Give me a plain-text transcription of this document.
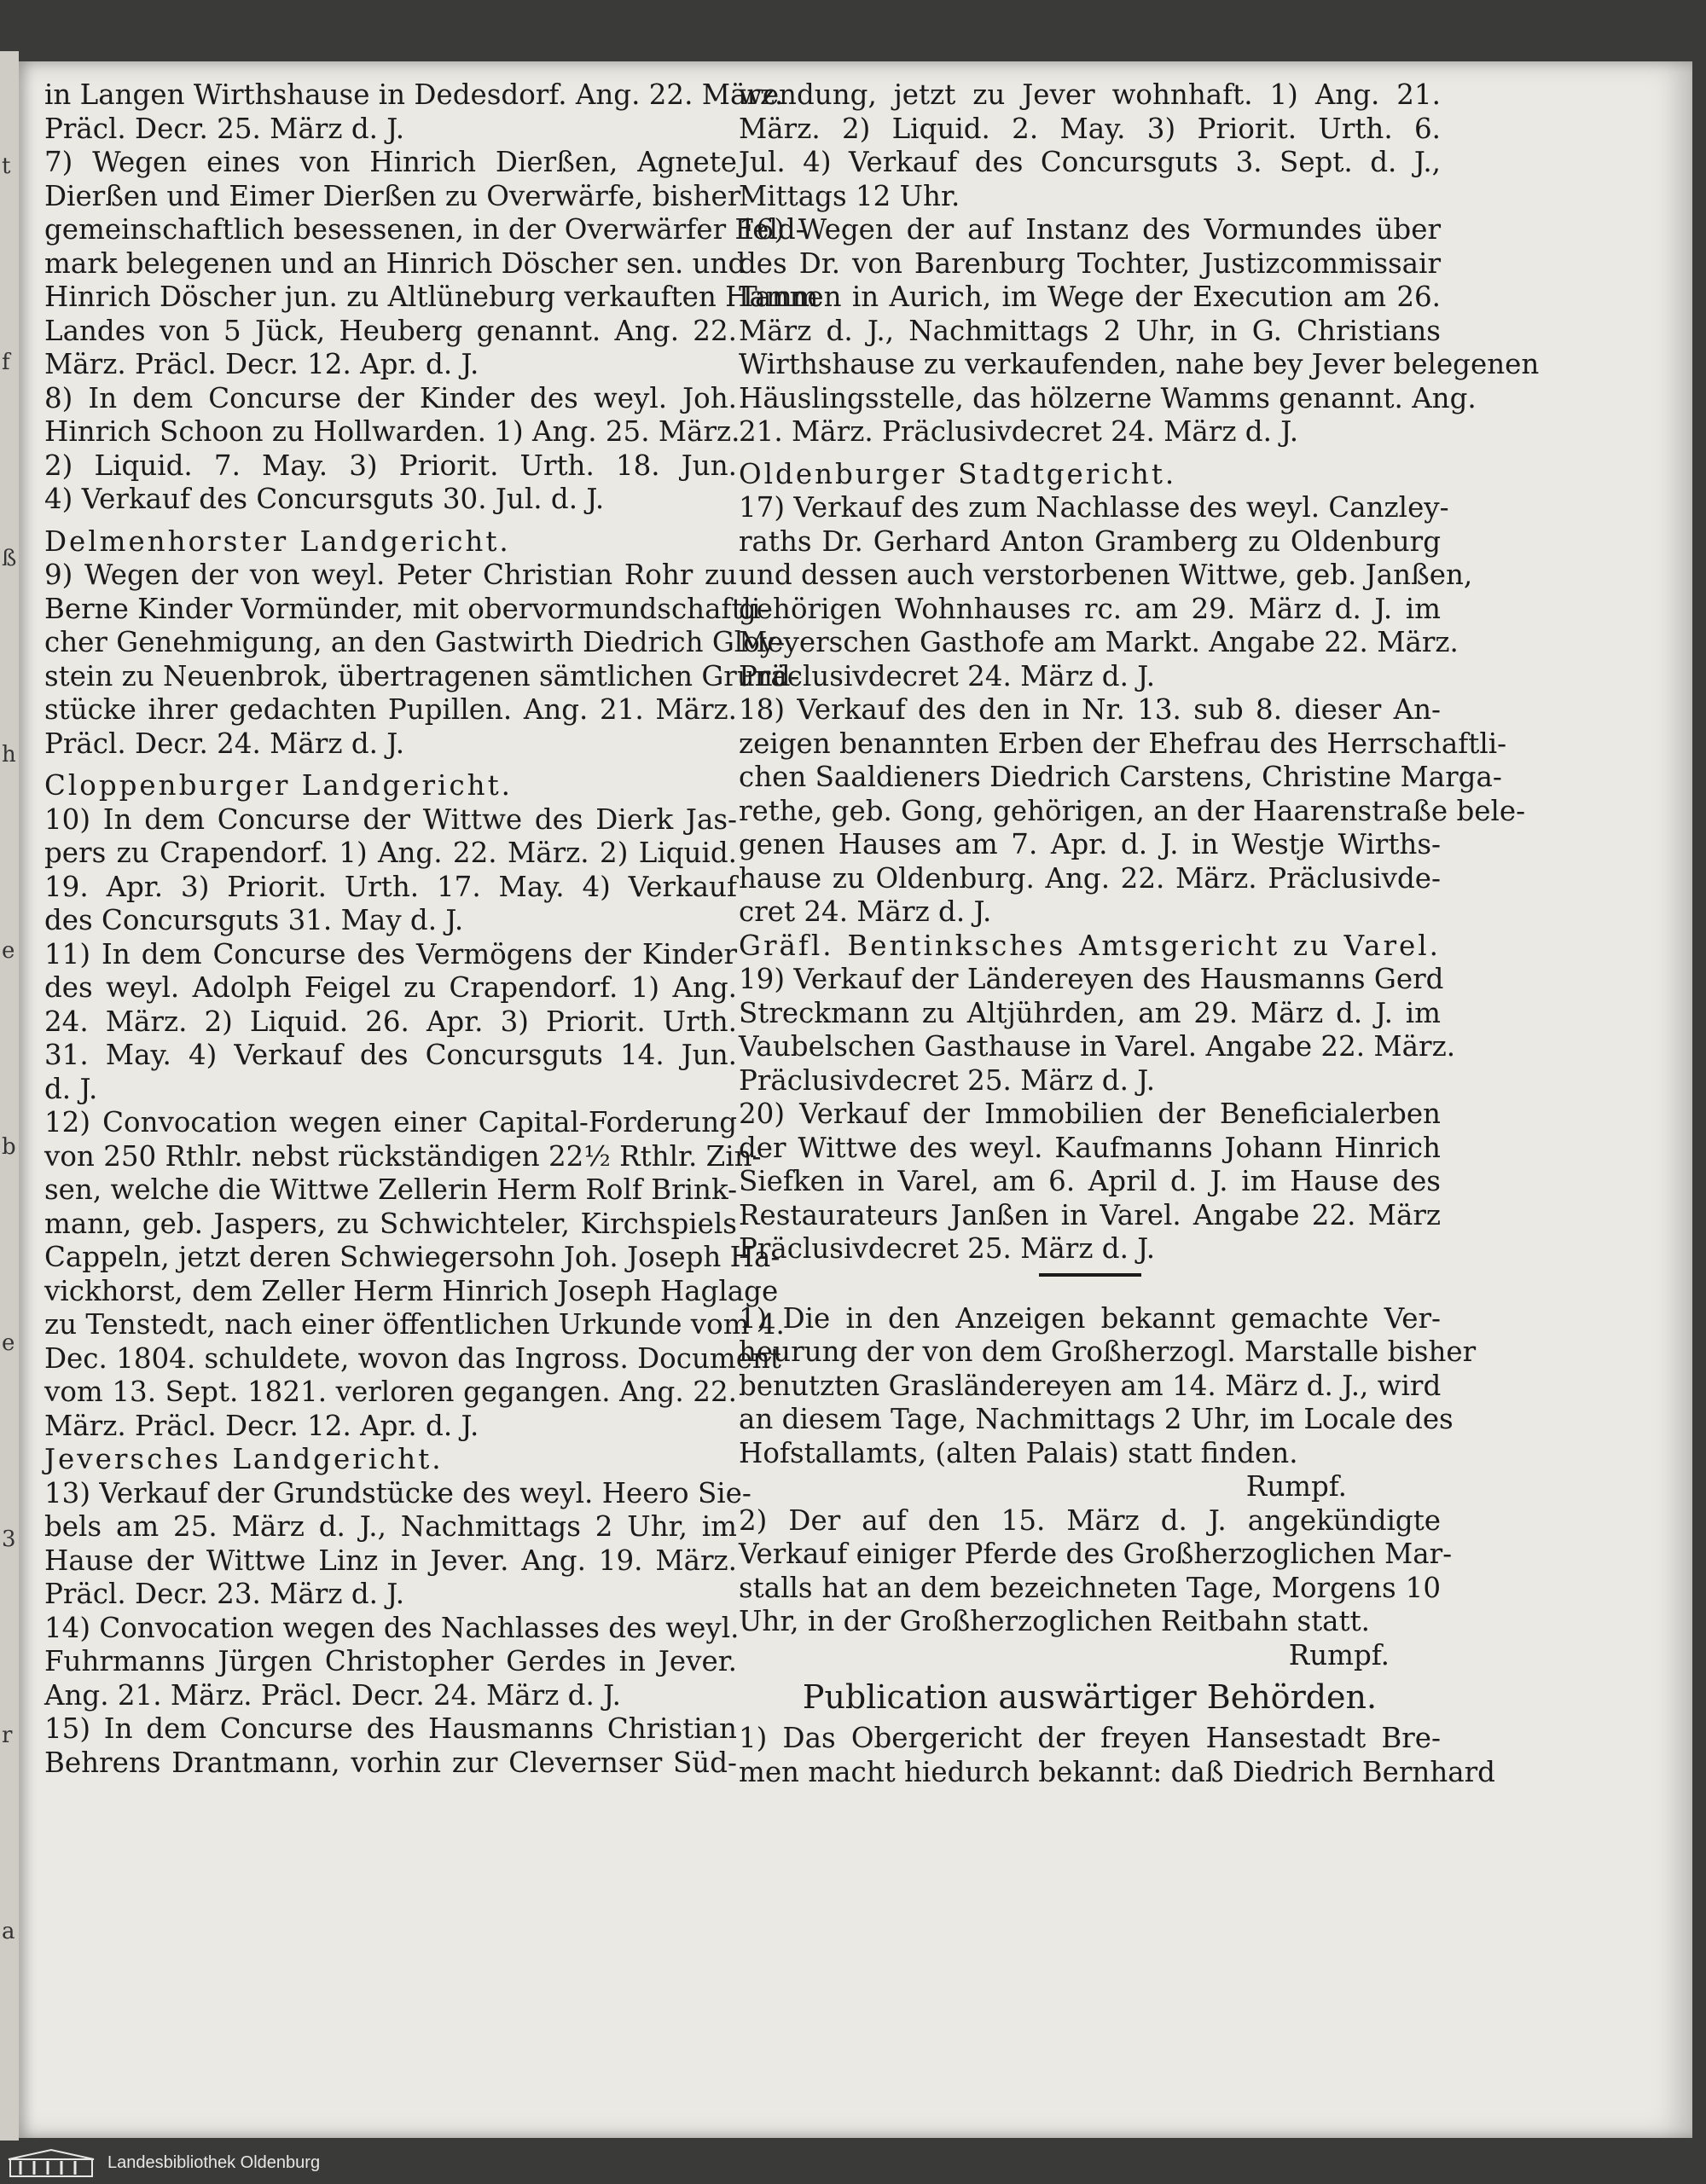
t
f
ß
h
e
b
e
3
r
a
in Langen Wirthshause in Dedesdorf. Ang. 22. März.
Präcl. Decr. 25. März d. J.
7) Wegen eines von Hinrich Dierßen, Agnete
Dierßen und Eimer Dierßen zu Overwärfe, bisher
gemeinschaftlich besessenen, in der Overwärfer Feld-
mark belegenen und an Hinrich Döscher sen. und
Hinrich Döscher jun. zu Altlüneburg verkauften Hamm
Landes von 5 Jück, Heuberg genannt. Ang. 22.
März. Präcl. Decr. 12. Apr. d. J.
8) In dem Concurse der Kinder des weyl. Joh.
Hinrich Schoon zu Hollwarden. 1) Ang. 25. März.
2) Liquid. 7. May. 3) Priorit. Urth. 18. Jun.
4) Verkauf des Concursguts 30. Jul. d. J.
Delmenhorster Landgericht.
9) Wegen der von weyl. Peter Christian Rohr zu
Berne Kinder Vormünder, mit obervormundschaftli-
cher Genehmigung, an den Gastwirth Diedrich Gloy-
stein zu Neuenbrok, übertragenen sämtlichen Grund-
stücke ihrer gedachten Pupillen. Ang. 21. März.
Präcl. Decr. 24. März d. J.
Cloppenburger Landgericht.
10) In dem Concurse der Wittwe des Dierk Jas-
pers zu Crapendorf. 1) Ang. 22. März. 2) Liquid.
19. Apr. 3) Priorit. Urth. 17. May. 4) Verkauf
des Concursguts 31. May d. J.
11) In dem Concurse des Vermögens der Kinder
des weyl. Adolph Feigel zu Crapendorf. 1) Ang.
24. März. 2) Liquid. 26. Apr. 3) Priorit. Urth.
31. May. 4) Verkauf des Concursguts 14. Jun.
d. J.
12) Convocation wegen einer Capital-Forderung
von 250 Rthlr. nebst rückständigen 22½ Rthlr. Zin-
sen, welche die Wittwe Zellerin Herm Rolf Brink-
mann, geb. Jaspers, zu Schwichteler, Kirchspiels
Cappeln, jetzt deren Schwiegersohn Joh. Joseph Ha-
vickhorst, dem Zeller Herm Hinrich Joseph Haglage
zu Tenstedt, nach einer öffentlichen Urkunde vom 4.
Dec. 1804. schuldete, wovon das Ingross. Document
vom 13. Sept. 1821. verloren gegangen. Ang. 22.
März. Präcl. Decr. 12. Apr. d. J.
Jeversches Landgericht.
13) Verkauf der Grundstücke des weyl. Heero Sie-
bels am 25. März d. J., Nachmittags 2 Uhr, im
Hause der Wittwe Linz in Jever. Ang. 19. März.
Präcl. Decr. 23. März d. J.
14) Convocation wegen des Nachlasses des weyl.
Fuhrmanns Jürgen Christopher Gerdes in Jever.
Ang. 21. März. Präcl. Decr. 24. März d. J.
15) In dem Concurse des Hausmanns Christian
Behrens Drantmann, vorhin zur Clevernser Süd-
wendung, jetzt zu Jever wohnhaft. 1) Ang. 21.
März. 2) Liquid. 2. May. 3) Priorit. Urth. 6.
Jul. 4) Verkauf des Concursguts 3. Sept. d. J.,
Mittags 12 Uhr.
16) Wegen der auf Instanz des Vormundes über
des Dr. von Barenburg Tochter, Justizcommissair
Tannen in Aurich, im Wege der Execution am 26.
März d. J., Nachmittags 2 Uhr, in G. Christians
Wirthshause zu verkaufenden, nahe bey Jever belegenen
Häuslingsstelle, das hölzerne Wamms genannt. Ang.
21. März. Präclusivdecret 24. März d. J.
Oldenburger Stadtgericht.
17) Verkauf des zum Nachlasse des weyl. Canzley-
raths Dr. Gerhard Anton Gramberg zu Oldenburg
und dessen auch verstorbenen Wittwe, geb. Janßen,
gehörigen Wohnhauses rc. am 29. März d. J. im
Meyerschen Gasthofe am Markt. Angabe 22. März.
Präclusivdecret 24. März d. J.
18) Verkauf des den in Nr. 13. sub 8. dieser An-
zeigen benannten Erben der Ehefrau des Herrschaftli-
chen Saaldieners Diedrich Carstens, Christine Marga-
rethe, geb. Gong, gehörigen, an der Haarenstraße bele-
genen Hauses am 7. Apr. d. J. in Westje Wirths-
hause zu Oldenburg. Ang. 22. März. Präclusivde-
cret 24. März d. J.
Gräfl. Bentinksches Amtsgericht zu Varel.
19) Verkauf der Ländereyen des Hausmanns Gerd
Streckmann zu Altjührden, am 29. März d. J. im
Vaubelschen Gasthause in Varel. Angabe 22. März.
Präclusivdecret 25. März d. J.
20) Verkauf der Immobilien der Beneficialerben
der Wittwe des weyl. Kaufmanns Johann Hinrich
Siefken in Varel, am 6. April d. J. im Hause des
Restaurateurs Janßen in Varel. Angabe 22. März
Präclusivdecret 25. März d. J.
1) Die in den Anzeigen bekannt gemachte Ver-
heurung der von dem Großherzogl. Marstalle bisher
benutzten Grasländereyen am 14. März d. J., wird
an diesem Tage, Nachmittags 2 Uhr, im Locale des
Hofstallamts, (alten Palais) statt finden.
Rumpf.
2) Der auf den 15. März d. J. angekündigte
Verkauf einiger Pferde des Großherzoglichen Mar-
stalls hat an dem bezeichneten Tage, Morgens 10
Uhr, in der Großherzoglichen Reitbahn statt.
Rumpf.
Publication auswärtiger Behörden.
1) Das Obergericht der freyen Hansestadt Bre-
men macht hiedurch bekannt: daß Diedrich Bernhard
Landesbibliothek Oldenburg
